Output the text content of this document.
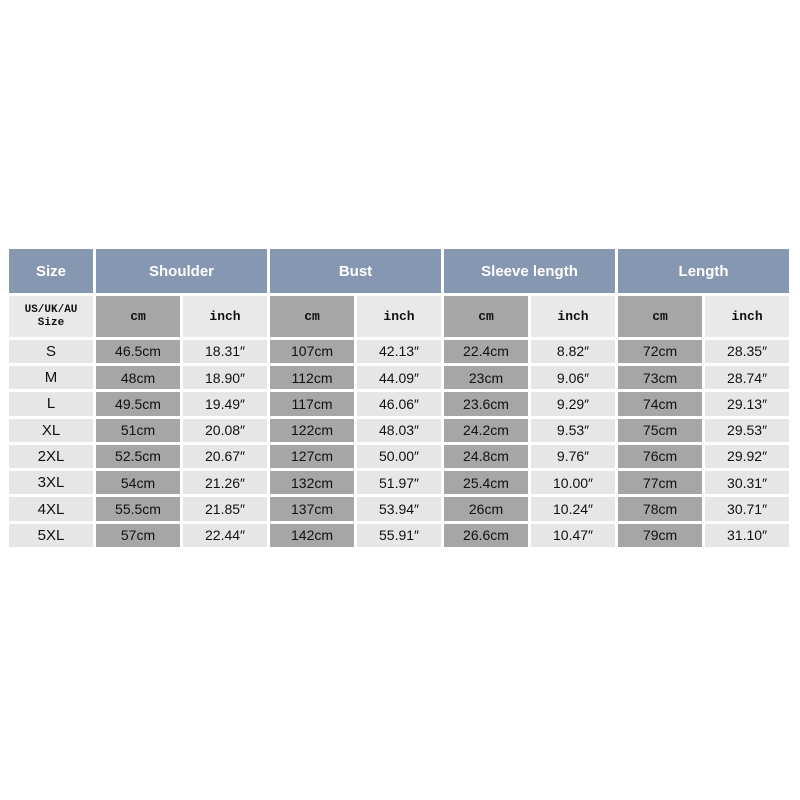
Size	Shoulder		Bust		Sleeve length		Length	

US/UK/AU
Size	cm	inch	cm	inch	cm	inch	cm	inch
S	46.5cm	18.31″	107cm	42.13″	22.4cm	8.82″	72cm	28.35″
M	48cm	18.90″	112cm	44.09″	23cm	9.06″	73cm	28.74″
L	49.5cm	19.49″	117cm	46.06″	23.6cm	9.29″	74cm	29.13″
XL	51cm	20.08″	122cm	48.03″	24.2cm	9.53″	75cm	29.53″
2XL	52.5cm	20.67″	127cm	50.00″	24.8cm	9.76″	76cm	29.92″
3XL	54cm	21.26″	132cm	51.97″	25.4cm	10.00″	77cm	30.31″
4XL	55.5cm	21.85″	137cm	53.94″	26cm	10.24″	78cm	30.71″
5XL	57cm	22.44″	142cm	55.91″	26.6cm	10.47″	79cm	31.10″
